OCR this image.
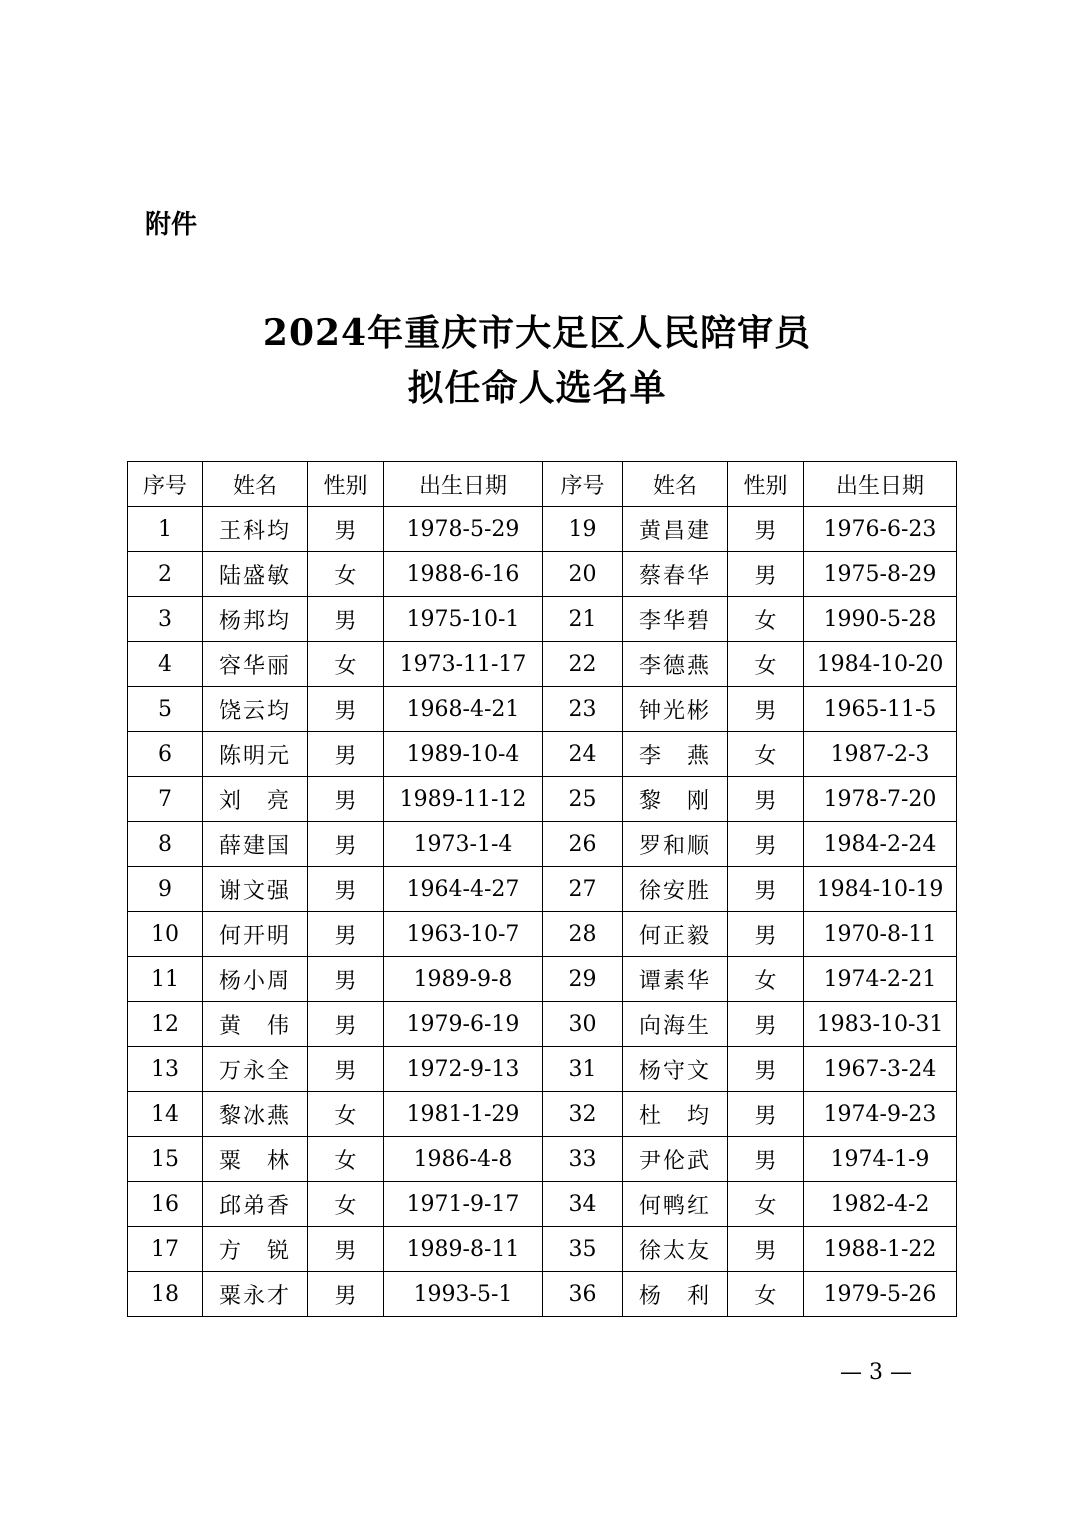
附件
2024年重庆市大足区人民陪审员
拟任命人选名单
序号	姓名	性别	出生日期	序号	姓名	性别	出生日期
1	王科均	男	1978-5-29	19	黄昌建	男	1976-6-23
2	陆盛敏	女	1988-6-16	20	蔡春华	男	1975-8-29
3	杨邦均	男	1975-10-1	21	李华碧	女	1990-5-28
4	容华丽	女	1973-11-17	22	李德燕	女	1984-10-20
5	饶云均	男	1968-4-21	23	钟光彬	男	1965-11-5
6	陈明元	男	1989-10-4	24	李　燕	女	1987-2-3
7	刘　亮	男	1989-11-12	25	黎　刚	男	1978-7-20
8	薛建国	男	1973-1-4	26	罗和顺	男	1984-2-24
9	谢文强	男	1964-4-27	27	徐安胜	男	1984-10-19
10	何开明	男	1963-10-7	28	何正毅	男	1970-8-11
11	杨小周	男	1989-9-8	29	谭素华	女	1974-2-21
12	黄　伟	男	1979-6-19	30	向海生	男	1983-10-31
13	万永全	男	1972-9-13	31	杨守文	男	1967-3-24
14	黎冰燕	女	1981-1-29	32	杜　均	男	1974-9-23
15	粟　林	女	1986-4-8	33	尹伦武	男	1974-1-9
16	邱弟香	女	1971-9-17	34	何鸭红	女	1982-4-2
17	方　锐	男	1989-8-11	35	徐太友	男	1988-1-22
18	粟永才	男	1993-5-1	36	杨　利	女	1979-5-26
— 3 —
